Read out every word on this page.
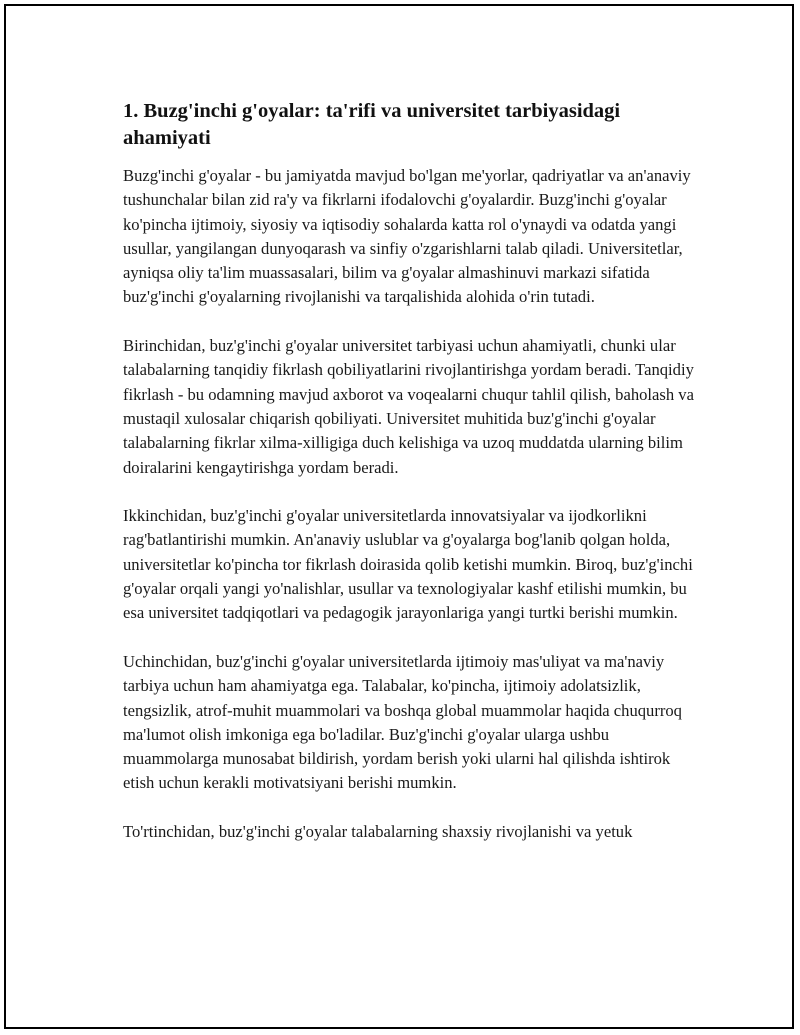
1. Buzg'inchi g'oyalar: ta'rifi va universitet tarbiyasidagi ahamiyati

Buzg'inchi g'oyalar - bu jamiyatda mavjud bo'lgan me'yorlar, qadriyatlar va an'anaviy tushunchalar bilan zid ra'y va fikrlarni ifodalovchi g'oyalardir. Buzg'inchi g'oyalar ko'pincha ijtimoiy, siyosiy va iqtisodiy sohalarda katta rol o'ynaydi va odatda yangi usullar, yangilangan dunyoqarash va sinfiy o'zgarishlarni talab qiladi. Universitetlar, ayniqsa oliy ta'lim muassasalari, bilim va g'oyalar almashinuvi markazi sifatida buz'g'inchi g'oyalarning rivojlanishi va tarqalishida alohida o'rin tutadi.

Birinchidan, buz'g'inchi g'oyalar universitet tarbiyasi uchun ahamiyatli, chunki ular talabalarning tanqidiy fikrlash qobiliyatlarini rivojlantirishga yordam beradi. Tanqidiy fikrlash - bu odamning mavjud axborot va voqealarni chuqur tahlil qilish, baholash va mustaqil xulosalar chiqarish qobiliyati. Universitet muhitida buz'g'inchi g'oyalar talabalarning fikrlar xilma-xilligiga duch kelishiga va uzoq muddatda ularning bilim doiralarini kengaytirishga yordam beradi.

Ikkinchidan, buz'g'inchi g'oyalar universitetlarda innovatsiyalar va ijodkorlikni rag'batlantirishi mumkin. An'anaviy uslublar va g'oyalarga bog'lanib qolgan holda, universitetlar ko'pincha tor fikrlash doirasida qolib ketishi mumkin. Biroq, buz'g'inchi g'oyalar orqali yangi yo'nalishlar, usullar va texnologiyalar kashf etilishi mumkin, bu esa universitet tadqiqotlari va pedagogik jarayonlariga yangi turtki berishi mumkin.

Uchinchidan, buz'g'inchi g'oyalar universitetlarda ijtimoiy mas'uliyat va ma'naviy tarbiya uchun ham ahamiyatga ega. Talabalar, ko'pincha, ijtimoiy adolatsizlik, tengsizlik, atrof-muhit muammolari va boshqa global muammolar haqida chuqurroq ma'lumot olish imkoniga ega bo'ladilar. Buz'g'inchi g'oyalar ularga ushbu muammolarga munosabat bildirish, yordam berish yoki ularni hal qilishda ishtirok etish uchun kerakli motivatsiyani berishi mumkin.

To'rtinchidan, buz'g'inchi g'oyalar talabalarning shaxsiy rivojlanishi va yetuk
